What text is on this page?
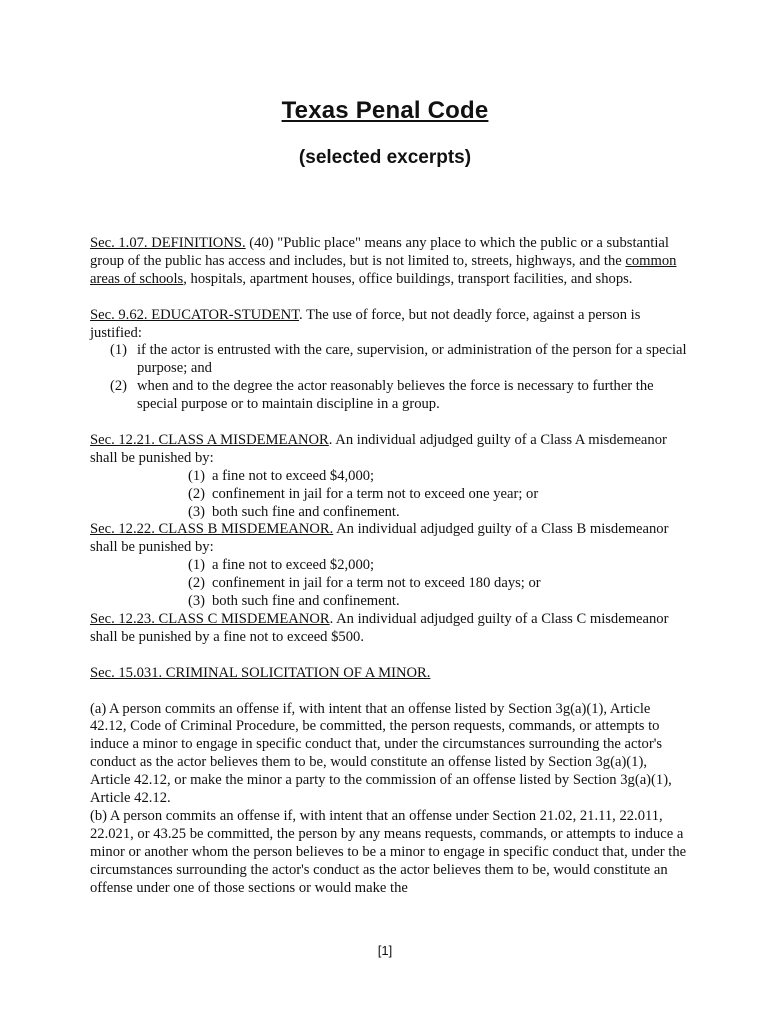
Texas Penal Code
(selected excerpts)

Sec. 1.07. DEFINITIONS. (40) "Public place" means any place to which the public or a substantial group of the public has access and includes, but is not limited to, streets, highways, and the common areas of schools, hospitals, apartment houses, office buildings, transport facilities, and shops.

Sec. 9.62. EDUCATOR-STUDENT. The use of force, but not deadly force, against a person is justified:

(1) if the actor is entrusted with the care, supervision, or administration of the person for a special purpose; and
(2) when and to the degree the actor reasonably believes the force is necessary to further the special purpose or to maintain discipline in a group.

Sec. 12.21. CLASS A MISDEMEANOR. An individual adjudged guilty of a Class A misdemeanor shall be punished by:

(1) a fine not to exceed $4,000;
(2) confinement in jail for a term not to exceed one year; or
(3) both such fine and confinement.

Sec. 12.22. CLASS B MISDEMEANOR. An individual adjudged guilty of a Class B misdemeanor shall be punished by:

(1) a fine not to exceed $2,000;
(2) confinement in jail for a term not to exceed 180 days; or
(3) both such fine and confinement.

Sec. 12.23. CLASS C MISDEMEANOR. An individual adjudged guilty of a Class C misdemeanor shall be punished by a fine not to exceed $500.

Sec. 15.031. CRIMINAL SOLICITATION OF A MINOR.

(a) A person commits an offense if, with intent that an offense listed by Section 3g(a)(1), Article 42.12, Code of Criminal Procedure, be committed, the person requests, commands, or attempts to induce a minor to engage in specific conduct that, under the circumstances surrounding the actor's conduct as the actor believes them to be, would constitute an offense listed by Section 3g(a)(1), Article 42.12, or make the minor a party to the commission of an offense listed by Section 3g(a)(1), Article 42.12.

(b) A person commits an offense if, with intent that an offense under Section 21.02, 21.11, 22.011, 22.021, or 43.25 be committed, the person by any means requests, commands, or attempts to induce a minor or another whom the person believes to be a minor to engage in specific conduct that, under the circumstances surrounding the actor's conduct as the actor believes them to be, would constitute an offense under one of those sections or would make the

[1]
